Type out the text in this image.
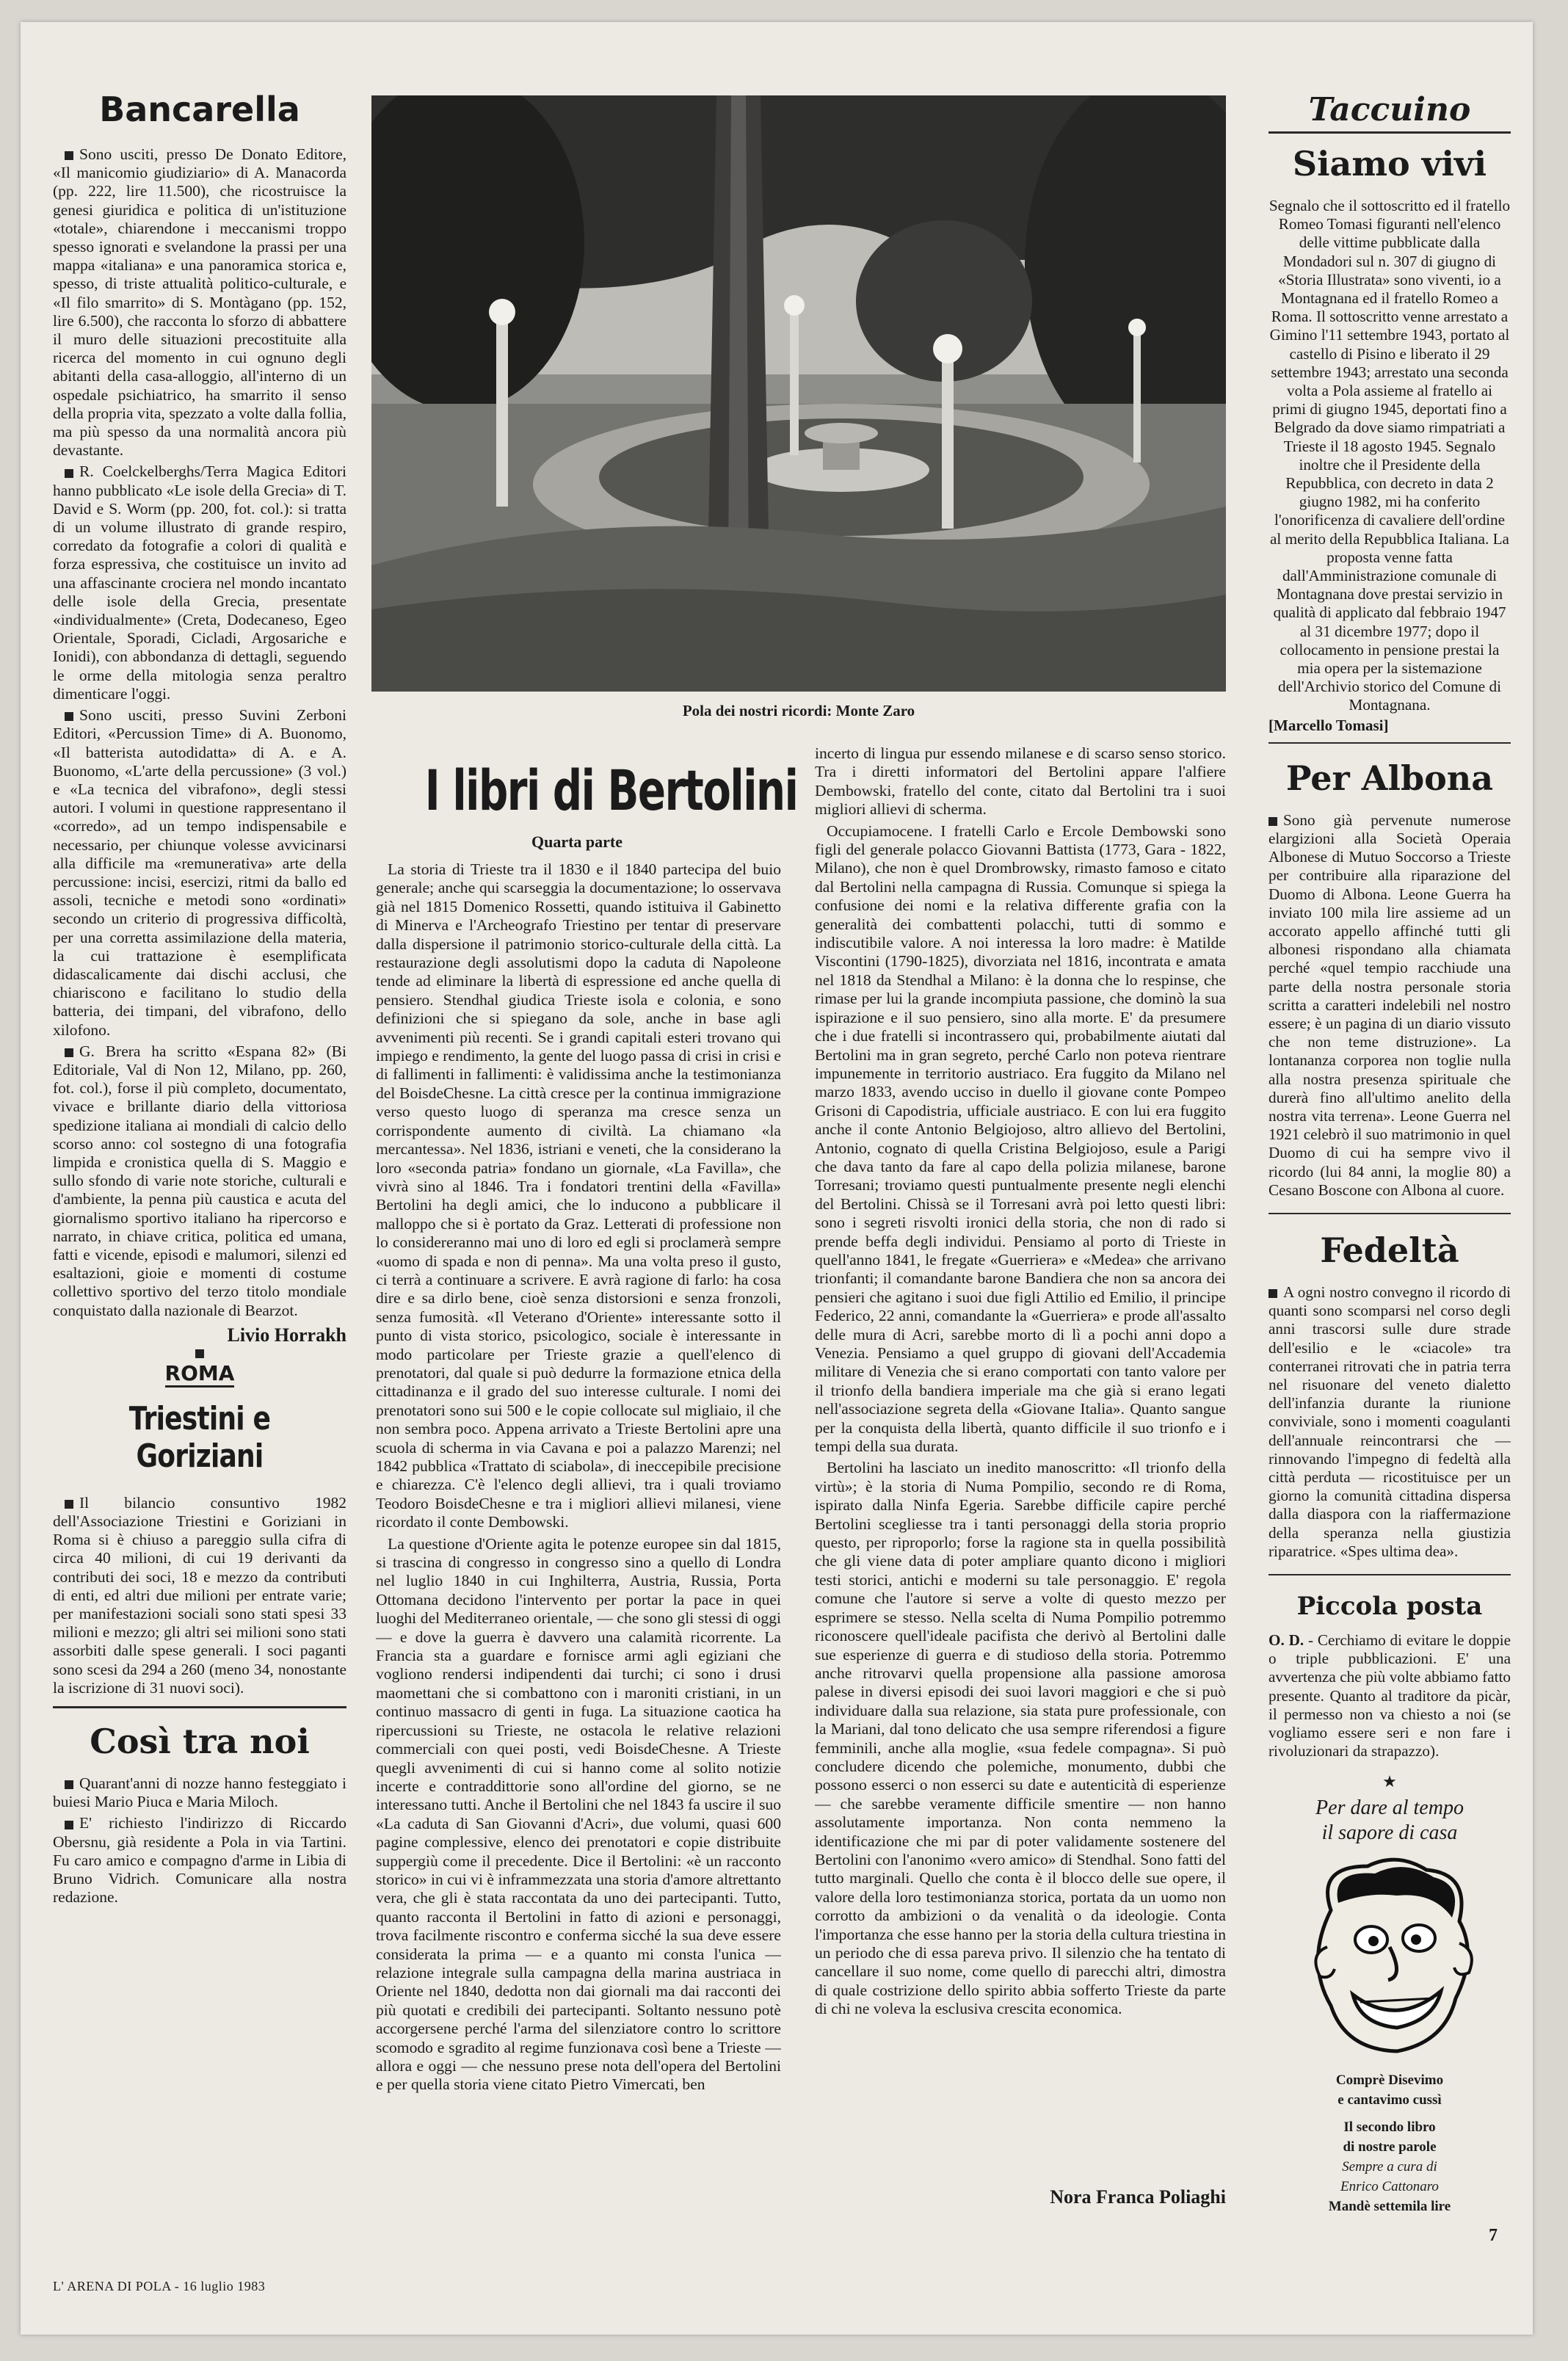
Bancarella

Sono usciti, presso De Donato Editore, «Il manicomio giudiziario» di A. Manacorda (pp. 222, lire 11.500), che ricostruisce la genesi giuridica e politica di un'istituzione «totale», chiarendone i meccanismi troppo spesso ignorati e svelandone la prassi per una mappa «italiana» e una panoramica storica e, spesso, di triste attualità politico-culturale, e «Il filo smarrito» di S. Montàgano (pp. 152, lire 6.500), che racconta lo sforzo di abbattere il muro delle situazioni precostituite alla ricerca del momento in cui ognuno degli abitanti della casa-alloggio, all'interno di un ospedale psichiatrico, ha smarrito il senso della propria vita, spezzato a volte dalla follia, ma più spesso da una normalità ancora più devastante.

R. Coelckelberghs/Terra Magica Editori hanno pubblicato «Le isole della Grecia» di T. David e S. Worm (pp. 200, fot. col.): si tratta di un volume illustrato di grande respiro, corredato da fotografie a colori di qualità e forza espressiva, che costituisce un invito ad una affascinante crociera nel mondo incantato delle isole della Grecia, presentate «individualmente» (Creta, Dodecaneso, Egeo Orientale, Sporadi, Cicladi, Argosariche e Ionidi), con abbondanza di dettagli, seguendo le orme della mitologia senza peraltro dimenticare l'oggi.

Sono usciti, presso Suvini Zerboni Editori, «Percussion Time» di A. Buonomo, «Il batterista autodidatta» di A. e A. Buonomo, «L'arte della percussione» (3 vol.) e «La tecnica del vibrafono», degli stessi autori. I volumi in questione rappresentano il «corredo», ad un tempo indispensabile e necessario, per chiunque volesse avvicinarsi alla difficile ma «remunerativa» arte della percussione: incisi, esercizi, ritmi da ballo ed assoli, tecniche e metodi sono «ordinati» secondo un criterio di progressiva difficoltà, per una corretta assimilazione della materia, la cui trattazione è esemplificata didascalicamente dai dischi acclusi, che chiariscono e facilitano lo studio della batteria, dei timpani, del vibrafono, dello xilofono.

G. Brera ha scritto «Espana 82» (Bi Editoriale, Val di Non 12, Milano, pp. 260, fot. col.), forse il più completo, documentato, vivace e brillante diario della vittoriosa spedizione italiana ai mondiali di calcio dello scorso anno: col sostegno di una fotografia limpida e cronistica quella di S. Maggio e sullo sfondo di varie note storiche, culturali e d'ambiente, la penna più caustica e acuta del giornalismo sportivo italiano ha ripercorso e narrato, in chiave critica, politica ed umana, fatti e vicende, episodi e malumori, silenzi ed esaltazioni, gioie e momenti di costume collettivo sportivo del terzo titolo mondiale conquistato dalla nazionale di Bearzot.

Livio Horrakh
ROMA
Triestini e Goriziani

Il bilancio consuntivo 1982 dell'Associazione Triestini e Goriziani in Roma si è chiuso a pareggio sulla cifra di circa 40 milioni, di cui 19 derivanti da contributi dei soci, 18 e mezzo da contributi di enti, ed altri due milioni per entrate varie; per manifestazioni sociali sono stati spesi 33 milioni e mezzo; gli altri sei milioni sono stati assorbiti dalle spese generali. I soci paganti sono scesi da 294 a 260 (meno 34, nonostante la iscrizione di 31 nuovi soci).

Così tra noi

Quarant'anni di nozze hanno festeggiato i buiesi Mario Piuca e Maria Miloch.

E' richiesto l'indirizzo di Riccardo Obersnu, già residente a Pola in via Tartini. Fu caro amico e compagno d'arme in Libia di Bruno Vidrich. Comunicare alla nostra redazione.

Pola dei nostri ricordi: Monte Zaro
I libri di Bertolini
Quarta parte

La storia di Trieste tra il 1830 e il 1840 partecipa del buio generale; anche qui scarseggia la documentazione; lo osservava già nel 1815 Domenico Rossetti, quando istituiva il Gabinetto di Minerva e l'Archeografo Triestino per tentar di preservare dalla dispersione il patrimonio storico-culturale della città. La restaurazione degli assolutismi dopo la caduta di Napoleone tende ad eliminare la libertà di espressione ed anche quella di pensiero. Stendhal giudica Trieste isola e colonia, e sono definizioni che si spiegano da sole, anche in base agli avvenimenti più recenti. Se i grandi capitali esteri trovano qui impiego e rendimento, la gente del luogo passa di crisi in crisi e di fallimenti in fallimenti: è validissima anche la testimonianza del BoisdeChesne. La città cresce per la continua immigrazione verso questo luogo di speranza ma cresce senza un corrispondente aumento di civiltà. La chiamano «la mercantessa». Nel 1836, istriani e veneti, che la considerano la loro «seconda patria» fondano un giornale, «La Favilla», che vivrà sino al 1846. Tra i fondatori trentini della «Favilla» Bertolini ha degli amici, che lo inducono a pubblicare il malloppo che si è portato da Graz. Letterati di professione non lo considereranno mai uno di loro ed egli si proclamerà sempre «uomo di spada e non di penna». Ma una volta preso il gusto, ci terrà a continuare a scrivere. E avrà ragione di farlo: ha cosa dire e sa dirlo bene, cioè senza distorsioni e senza fronzoli, senza fumosità. «Il Veterano d'Oriente» interessante sotto il punto di vista storico, psicologico, sociale è interessante in modo particolare per Trieste grazie a quell'elenco di prenotatori, dal quale si può dedurre la formazione etnica della cittadinanza e il grado del suo interesse culturale. I nomi dei prenotatori sono sui 500 e le copie collocate sul migliaio, il che non sembra poco. Appena arrivato a Trieste Bertolini apre una scuola di scherma in via Cavana e poi a palazzo Marenzi; nel 1842 pubblica «Trattato di sciabola», di ineccepibile precisione e chiarezza. C'è l'elenco degli allievi, tra i quali troviamo Teodoro BoisdeChesne e tra i migliori allievi milanesi, viene ricordato il conte Dembowski.

La questione d'Oriente agita le potenze europee sin dal 1815, si trascina di congresso in congresso sino a quello di Londra nel luglio 1840 in cui Inghilterra, Austria, Russia, Porta Ottomana decidono l'intervento per portar la pace in quei luoghi del Mediterraneo orientale, — che sono gli stessi di oggi — e dove la guerra è davvero una calamità ricorrente. La Francia sta a guardare e fornisce armi agli egiziani che vogliono rendersi indipendenti dai turchi; ci sono i drusi maomettani che si combattono con i maroniti cristiani, in un continuo massacro di genti in fuga. La situazione caotica ha ripercussioni su Trieste, ne ostacola le relative relazioni commerciali con quei posti, vedi BoisdeChesne. A Trieste quegli avvenimenti di cui si hanno come al solito notizie incerte e contraddittorie sono all'ordine del giorno, se ne interessano tutti. Anche il Bertolini che nel 1843 fa uscire il suo «La caduta di San Giovanni d'Acri», due volumi, quasi 600 pagine complessive, elenco dei prenotatori e copie distribuite suppergiù come il precedente. Dice il Bertolini: «è un racconto storico» in cui vi è inframmezzata una storia d'amore altrettanto vera, che gli è stata raccontata da uno dei partecipanti. Tutto, quanto racconta il Bertolini in fatto di azioni e personaggi, trova facilmente riscontro e conferma sicché la sua deve essere considerata la prima — e a quanto mi consta l'unica — relazione integrale sulla campagna della marina austriaca in Oriente nel 1840, dedotta non dai giornali ma dai racconti dei più quotati e credibili dei partecipanti. Soltanto nessuno potè accorgersene perché l'arma del silenziatore contro lo scrittore scomodo e sgradito al regime funzionava così bene a Trieste — allora e oggi — che nessuno prese nota dell'opera del Bertolini e per quella storia viene citato Pietro Vimercati, ben

incerto di lingua pur essendo milanese e di scarso senso storico. Tra i diretti informatori del Bertolini appare l'alfiere Dembowski, fratello del conte, citato dal Bertolini tra i suoi migliori allievi di scherma.

Occupiamocene. I fratelli Carlo e Ercole Dembowski sono figli del generale polacco Giovanni Battista (1773, Gara - 1822, Milano), che non è quel Drombrowsky, rimasto famoso e citato dal Bertolini nella campagna di Russia. Comunque si spiega la confusione dei nomi e la relativa differente grafia con la generalità dei combattenti polacchi, tutti di sommo e indiscutibile valore. A noi interessa la loro madre: è Matilde Viscontini (1790-1825), divorziata nel 1816, incontrata e amata nel 1818 da Stendhal a Milano: è la donna che lo respinse, che rimase per lui la grande incompiuta passione, che dominò la sua ispirazione e il suo pensiero, sino alla morte. E' da presumere che i due fratelli si incontrassero qui, probabilmente aiutati dal Bertolini ma in gran segreto, perché Carlo non poteva rientrare impunemente in territorio austriaco. Era fuggito da Milano nel marzo 1833, avendo ucciso in duello il giovane conte Pompeo Grisoni di Capodistria, ufficiale austriaco. E con lui era fuggito anche il conte Antonio Belgiojoso, altro allievo del Bertolini, Antonio, cognato di quella Cristina Belgiojoso, esule a Parigi che dava tanto da fare al capo della polizia milanese, barone Torresani; troviamo questi puntualmente presente negli elenchi del Bertolini. Chissà se il Torresani avrà poi letto questi libri: sono i segreti risvolti ironici della storia, che non di rado si prende beffa degli individui. Pensiamo al porto di Trieste in quell'anno 1841, le fregate «Guerriera» e «Medea» che arrivano trionfanti; il comandante barone Bandiera che non sa ancora dei pensieri che agitano i suoi due figli Attilio ed Emilio, il principe Federico, 22 anni, comandante la «Guerriera» e prode all'assalto delle mura di Acri, sarebbe morto di lì a pochi anni dopo a Venezia. Pensiamo a quel gruppo di giovani dell'Accademia militare di Venezia che si erano comportati con tanto valore per il trionfo della bandiera imperiale ma che già si erano legati nell'associazione segreta della «Giovane Italia». Quanto sangue per la conquista della libertà, quanto difficile il suo trionfo e i tempi della sua durata.

Bertolini ha lasciato un inedito manoscritto: «Il trionfo della virtù»; è la storia di Numa Pompilio, secondo re di Roma, ispirato dalla Ninfa Egeria. Sarebbe difficile capire perché Bertolini scegliesse tra i tanti personaggi della storia proprio questo, per riproporlo; forse la ragione sta in quella possibilità che gli viene data di poter ampliare quanto dicono i migliori testi storici, antichi e moderni su tale personaggio. E' regola comune che l'autore si serve a volte di questo mezzo per esprimere se stesso. Nella scelta di Numa Pompilio potremmo riconoscere quell'ideale pacifista che derivò al Bertolini dalle sue esperienze di guerra e di studioso della storia. Potremmo anche ritrovarvi quella propensione alla passione amorosa palese in diversi episodi dei suoi lavori maggiori e che si può individuare dalla sua relazione, sia stata pure professionale, con la Mariani, dal tono delicato che usa sempre riferendosi a figure femminili, anche alla moglie, «sua fedele compagna». Si può concludere dicendo che polemiche, monumento, dubbi che possono esserci o non esserci su date e autenticità di esperienze — che sarebbe veramente difficile smentire — non hanno assolutamente importanza. Non conta nemmeno la identificazione che mi par di poter validamente sostenere del Bertolini con l'anonimo «vero amico» di Stendhal. Sono fatti del tutto marginali. Quello che conta è il blocco delle sue opere, il valore della loro testimonianza storica, portata da un uomo non corrotto da ambizioni o da venalità o da ideologie. Conta l'importanza che esse hanno per la storia della cultura triestina in un periodo che di essa pareva privo. Il silenzio che ha tentato di cancellare il suo nome, come quello di parecchi altri, dimostra di quale costrizione dello spirito abbia sofferto Trieste da parte di chi ne voleva la esclusiva crescita economica.

Nora Franca Poliaghi
Taccuino
Siamo vivi
Segnalo che il sottoscritto ed il fratello Romeo Tomasi figuranti nell'elenco delle vittime pubblicate dalla Mondadori sul n. 307 di giugno di «Storia Illustrata» sono viventi, io a Montagnana ed il fratello Romeo a Roma. Il sottoscritto venne arrestato a Gimino l'11 settembre 1943, portato al castello di Pisino e liberato il 29 settembre 1943; arrestato una seconda volta a Pola assieme al fratello ai primi di giugno 1945, deportati fino a Belgrado da dove siamo rimpatriati a Trieste il 18 agosto 1945. Segnalo inoltre che il Presidente della Repubblica, con decreto in data 2 giugno 1982, mi ha conferito l'onorificenza di cavaliere dell'ordine al merito della Repubblica Italiana. La proposta venne fatta dall'Amministrazione comunale di Montagnana dove prestai servizio in qualità di applicato dal febbraio 1947 al 31 dicembre 1977; dopo il collocamento in pensione prestai la mia opera per la sistemazione dell'Archivio storico del Comune di Montagnana.
[Marcello Tomasi]
Per Albona
Sono già pervenute numerose elargizioni alla Società Operaia Albonese di Mutuo Soccorso a Trieste per contribuire alla riparazione del Duomo di Albona. Leone Guerra ha inviato 100 mila lire assieme ad un accorato appello affinché tutti gli albonesi rispondano alla chiamata perché «quel tempio racchiude una parte della nostra personale storia scritta a caratteri indelebili nel nostro essere; è un pagina di un diario vissuto che non teme distruzione». La lontananza corporea non toglie nulla alla nostra presenza spirituale che durerà fino all'ultimo anelito della nostra vita terrena». Leone Guerra nel 1921 celebrò il suo matrimonio in quel Duomo di cui ha sempre vivo il ricordo (lui 84 anni, la moglie 80) a Cesano Boscone con Albona al cuore.
Fedeltà
A ogni nostro convegno il ricordo di quanti sono scomparsi nel corso degli anni trascorsi sulle dure strade dell'esilio e le «ciacole» tra conterranei ritrovati che in patria terra nel risuonare del veneto dialetto dell'infanzia durante la riunione conviviale, sono i momenti coagulanti dell'annuale reincontrarsi che — rinnovando l'impegno di fedeltà alla città perduta — ricostituisce per un giorno la comunità cittadina dispersa dalla diaspora con la riaffermazione della speranza nella giustizia riparatrice. «Spes ultima dea».
Piccola posta
O. D. - Cerchiamo di evitare le doppie o triple pubblicazioni. E' una avvertenza che più volte abbiamo fatto presente. Quanto al traditore da picàr, il permesso non va chiesto a noi (se vogliamo essere seri e non fare i rivoluzionari da strapazzo).
★
Per dare al tempo
il sapore di casa
Comprè Disevimo
e cantavimo cussì
Il secondo libro
di nostre parole
Sempre a cura di
Enrico Cattonaro
Mandè settemila lire
L' ARENA DI POLA - 16 luglio 1983
7
